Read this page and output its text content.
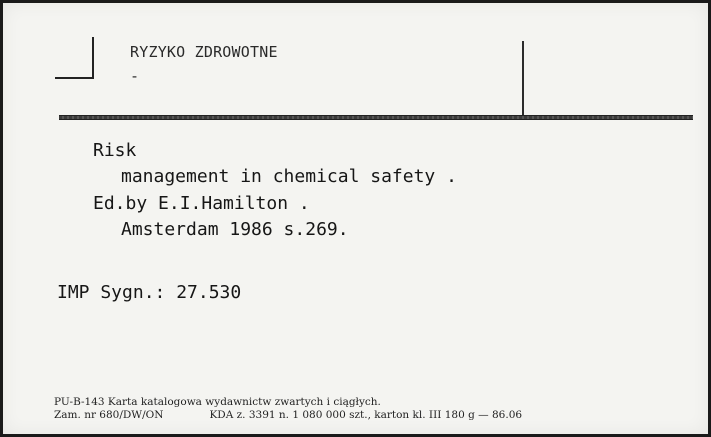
RYZYKO ZDROWOTNE
-
Risk
management in chemical safety .
Ed.by E.I.Hamilton .
Amsterdam 1986 s.269.
IMP Sygn.: 27.530
PU-B-143 Karta katalogowa wydawnictw zwartych i ciągłych.
Zam. nr 680/DW/ON	KDA z. 3391 n. 1 080 000 szt., karton kl. III 180 g — 86.06
